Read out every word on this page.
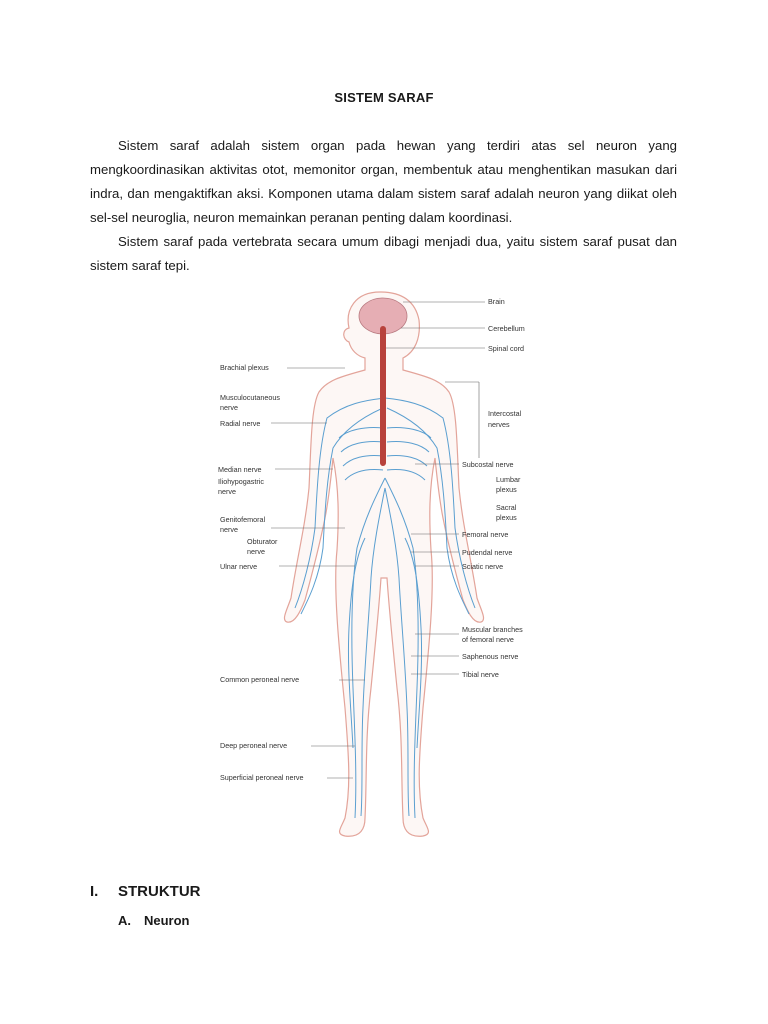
SISTEM SARAF

Sistem saraf adalah sistem organ pada hewan yang terdiri atas sel neuron yang mengkoordinasikan aktivitas otot, memonitor organ, membentuk atau menghentikan masukan dari indra, dan mengaktifkan aksi. Komponen utama dalam sistem saraf adalah neuron yang diikat oleh sel-sel neuroglia, neuron memainkan peranan penting dalam koordinasi.

Sistem saraf pada vertebrata secara umum dibagi menjadi dua, yaitu sistem saraf pusat dan sistem saraf tepi.

Brain
Cerebellum
Spinal cord
Intercostal
nerves
Subcostal nerve
Lumbar
plexus
Sacral
plexus
Femoral nerve
Pudendal nerve
Sciatic nerve
Muscular branches
of femoral nerve
Saphenous nerve
Tibial nerve
Brachial plexus
Musculocutaneous
nerve
Radial nerve
Median nerve
Iliohypogastric
nerve
Genitofemoral
nerve
Obturator
nerve
Ulnar nerve
Common peroneal nerve
Deep peroneal nerve
Superficial peroneal nerve
I. STRUKTUR
A. Neuron
